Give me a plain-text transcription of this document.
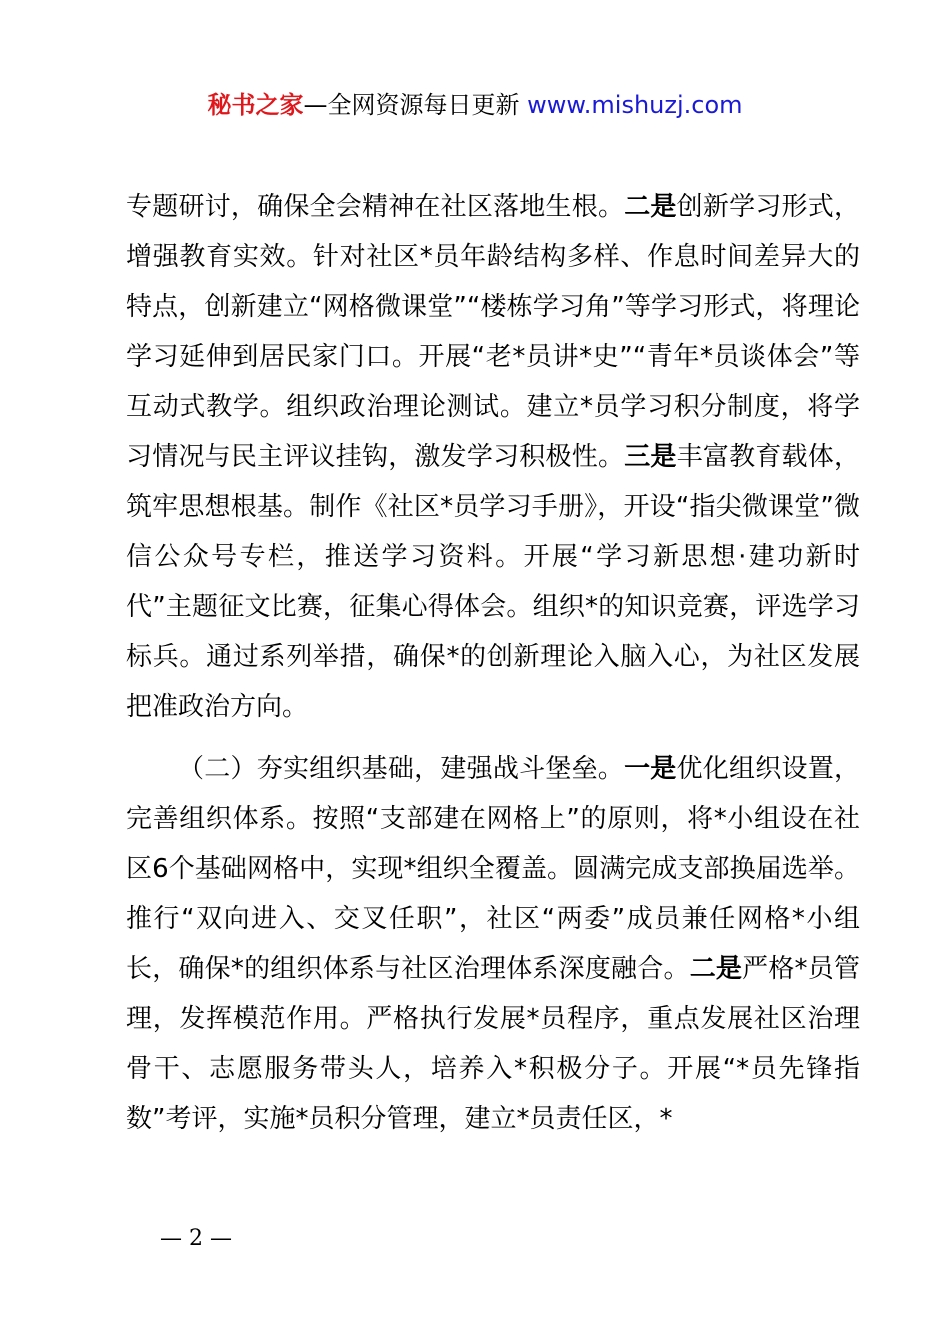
秘书之家—全网资源每日更新 www.mishuzj.com

专题研讨，确保全会精神在社区落地生根。二是创新学习形式，增强教育实效。针对社区*员年龄结构多样、作息时间差异大的特点，创新建立“网格微课堂”“楼栋学习角”等学习形式，将理论学习延伸到居民家门口。开展“老*员讲*史”“青年*员谈体会”等互动式教学。组织政治理论测试。建立*员学习积分制度，将学习情况与民主评议挂钩，激发学习积极性。三是丰富教育载体，筑牢思想根基。制作《社区*员学习手册》，开设“指尖微课堂”微信公众号专栏，推送学习资料。开展“学习新思想·建功新时代”主题征文比赛，征集心得体会。组织*的知识竞赛，评选学习标兵。通过系列举措，确保*的创新理论入脑入心，为社区发展把准政治方向。

（二）夯实组织基础，建强战斗堡垒。一是优化组织设置，完善组织体系。按照“支部建在网格上”的原则，将*小组设在社区6个基础网格中，实现*组织全覆盖。圆满完成支部换届选举。推行“双向进入、交叉任职”，社区“两委”成员兼任网格*小组长，确保*的组织体系与社区治理体系深度融合。二是严格*员管理，发挥模范作用。严格执行发展*员程序，重点发展社区治理骨干、志愿服务带头人，培养入*积极分子。开展“*员先锋指数”考评，实施*员积分管理，建立*员责任区，*

— 2 —
